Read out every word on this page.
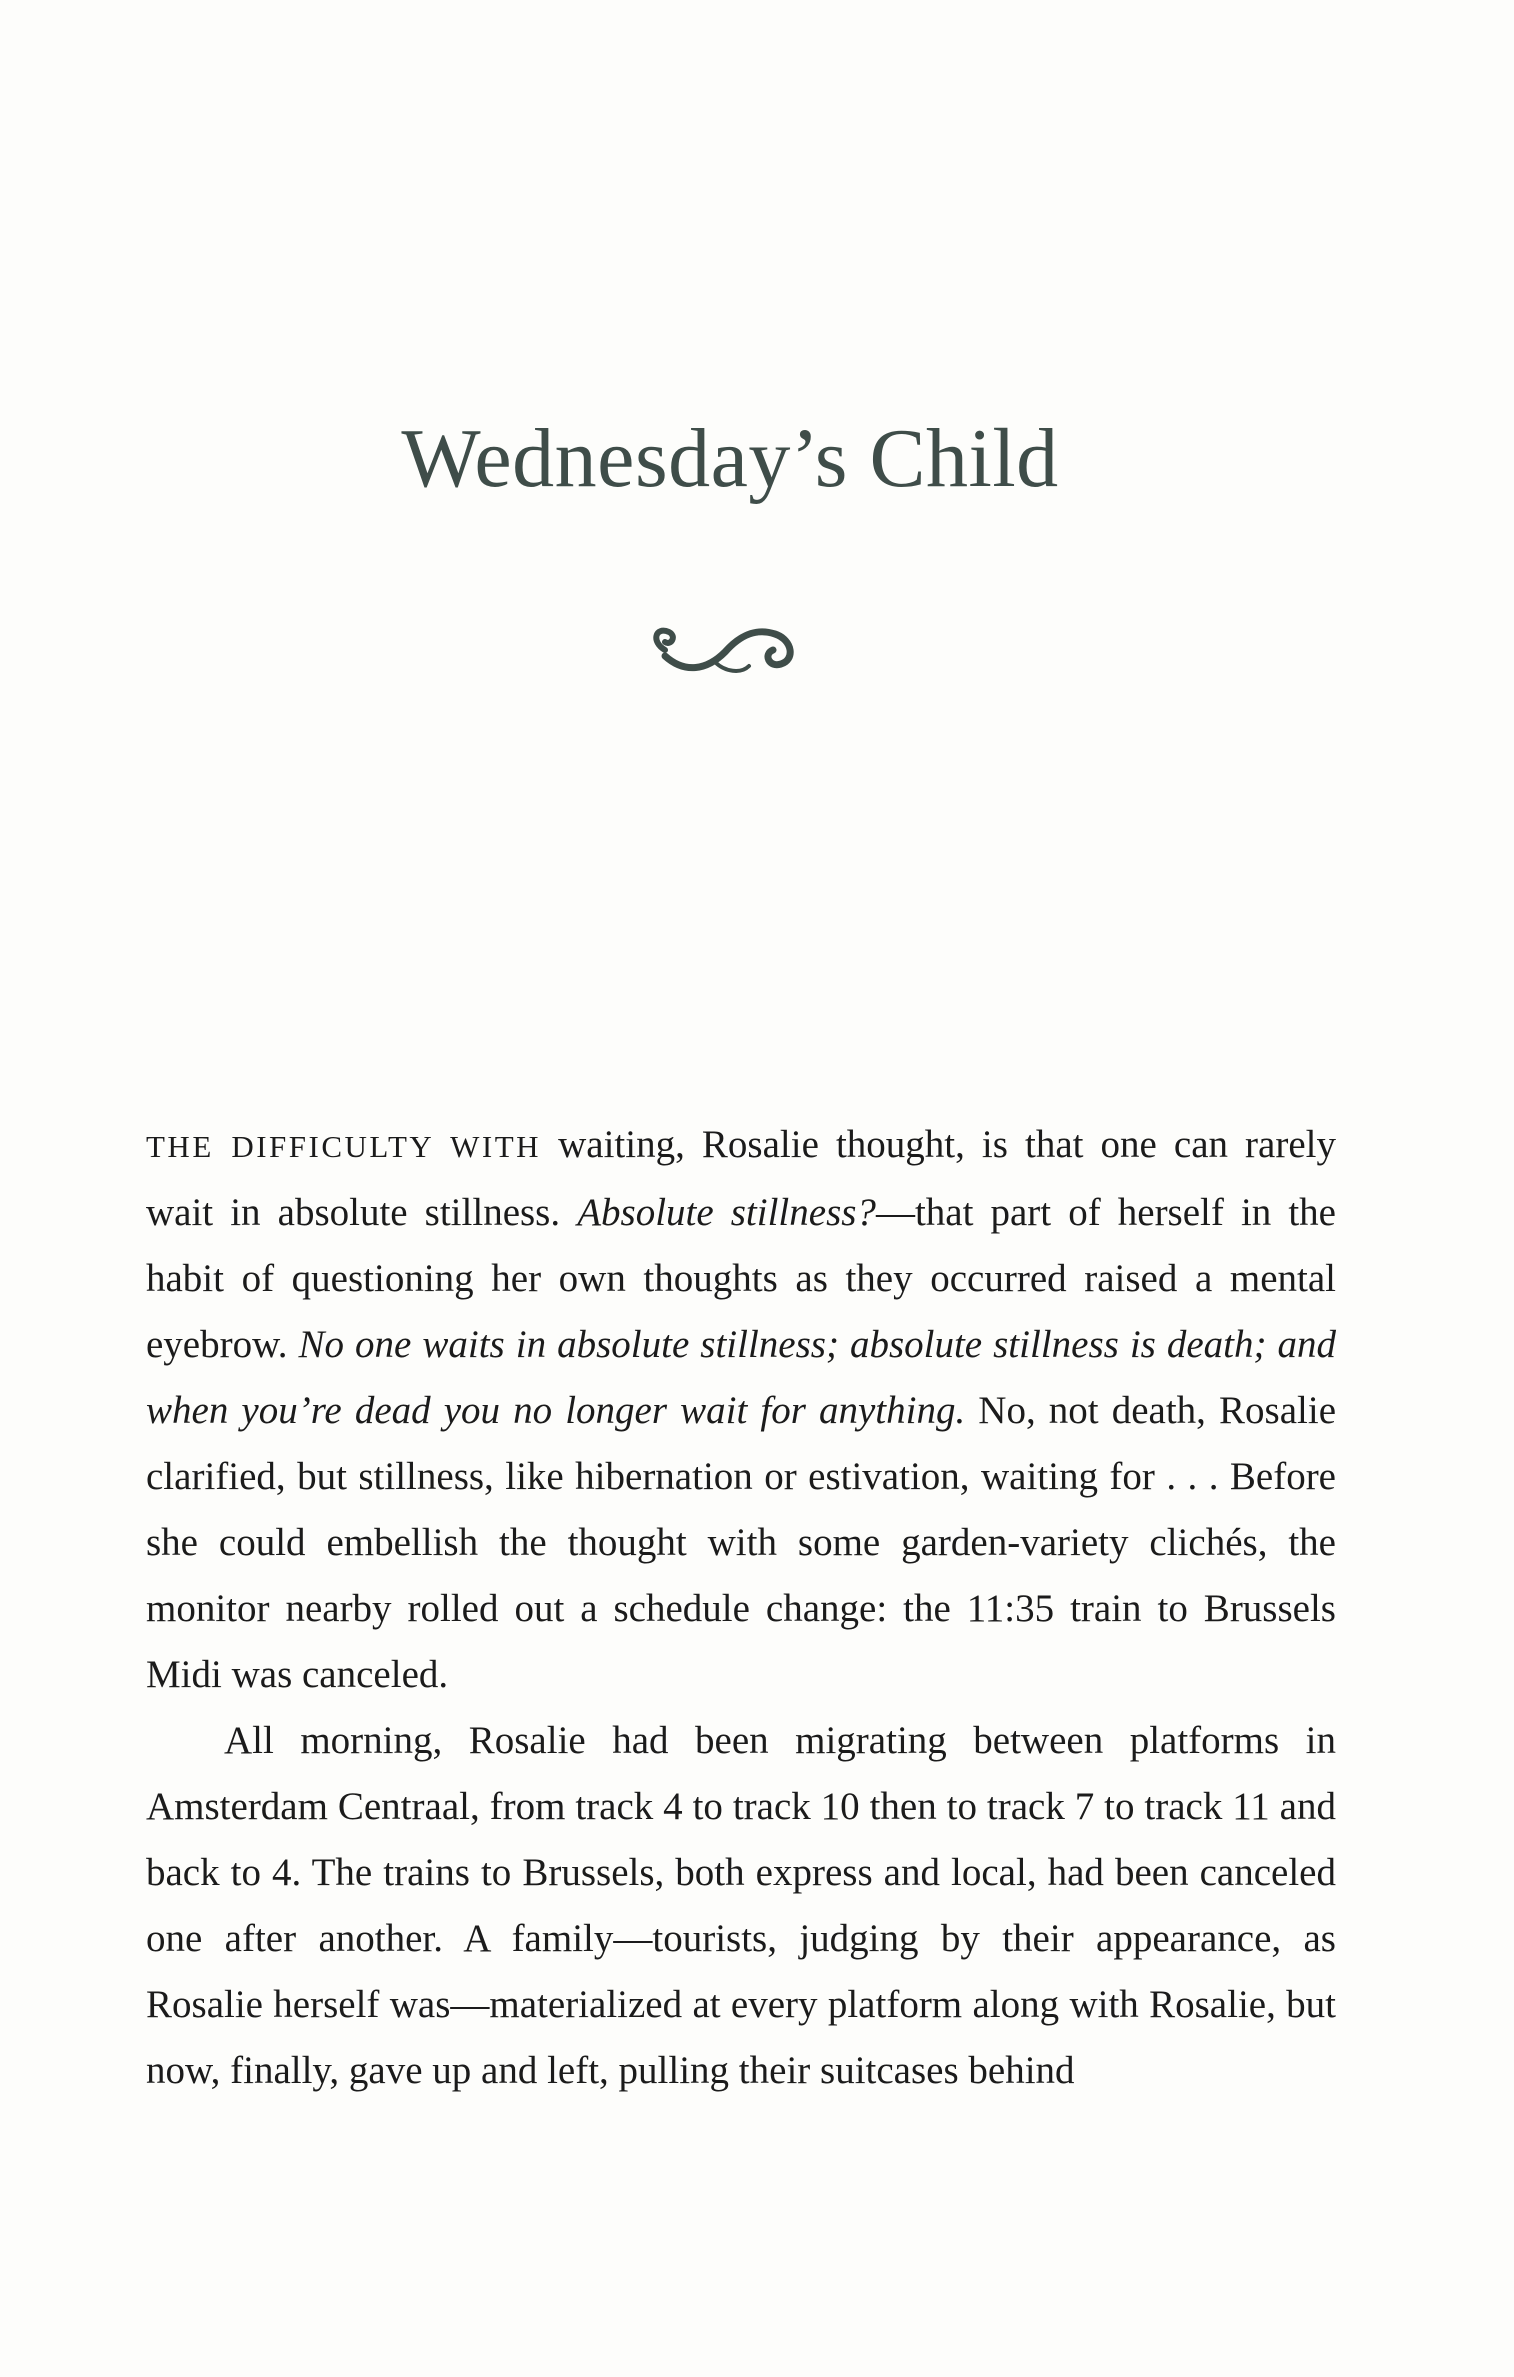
Wednesday’s Child

THE DIFFICULTY WITH waiting, Rosalie thought, is that one can rarely wait in absolute stillness. Absolute stillness?—that part of herself in the habit of questioning her own thoughts as they occurred raised a mental eyebrow. No one waits in absolute stillness; absolute stillness is death; and when you’re dead you no longer wait for anything. No, not death, Rosalie clarified, but stillness, like hibernation or estivation, waiting for . . . Before she could embellish the thought with some garden-variety clichés, the monitor nearby rolled out a schedule change: the 11:35 train to Brussels Midi was canceled.

All morning, Rosalie had been migrating between platforms in Amsterdam Centraal, from track 4 to track 10 then to track 7 to track 11 and back to 4. The trains to Brussels, both express and local, had been canceled one after another. A family—tourists, judging by their appearance, as Rosalie herself was—materialized at every platform along with Rosalie, but now, finally, gave up and left, pulling their suitcases behind
